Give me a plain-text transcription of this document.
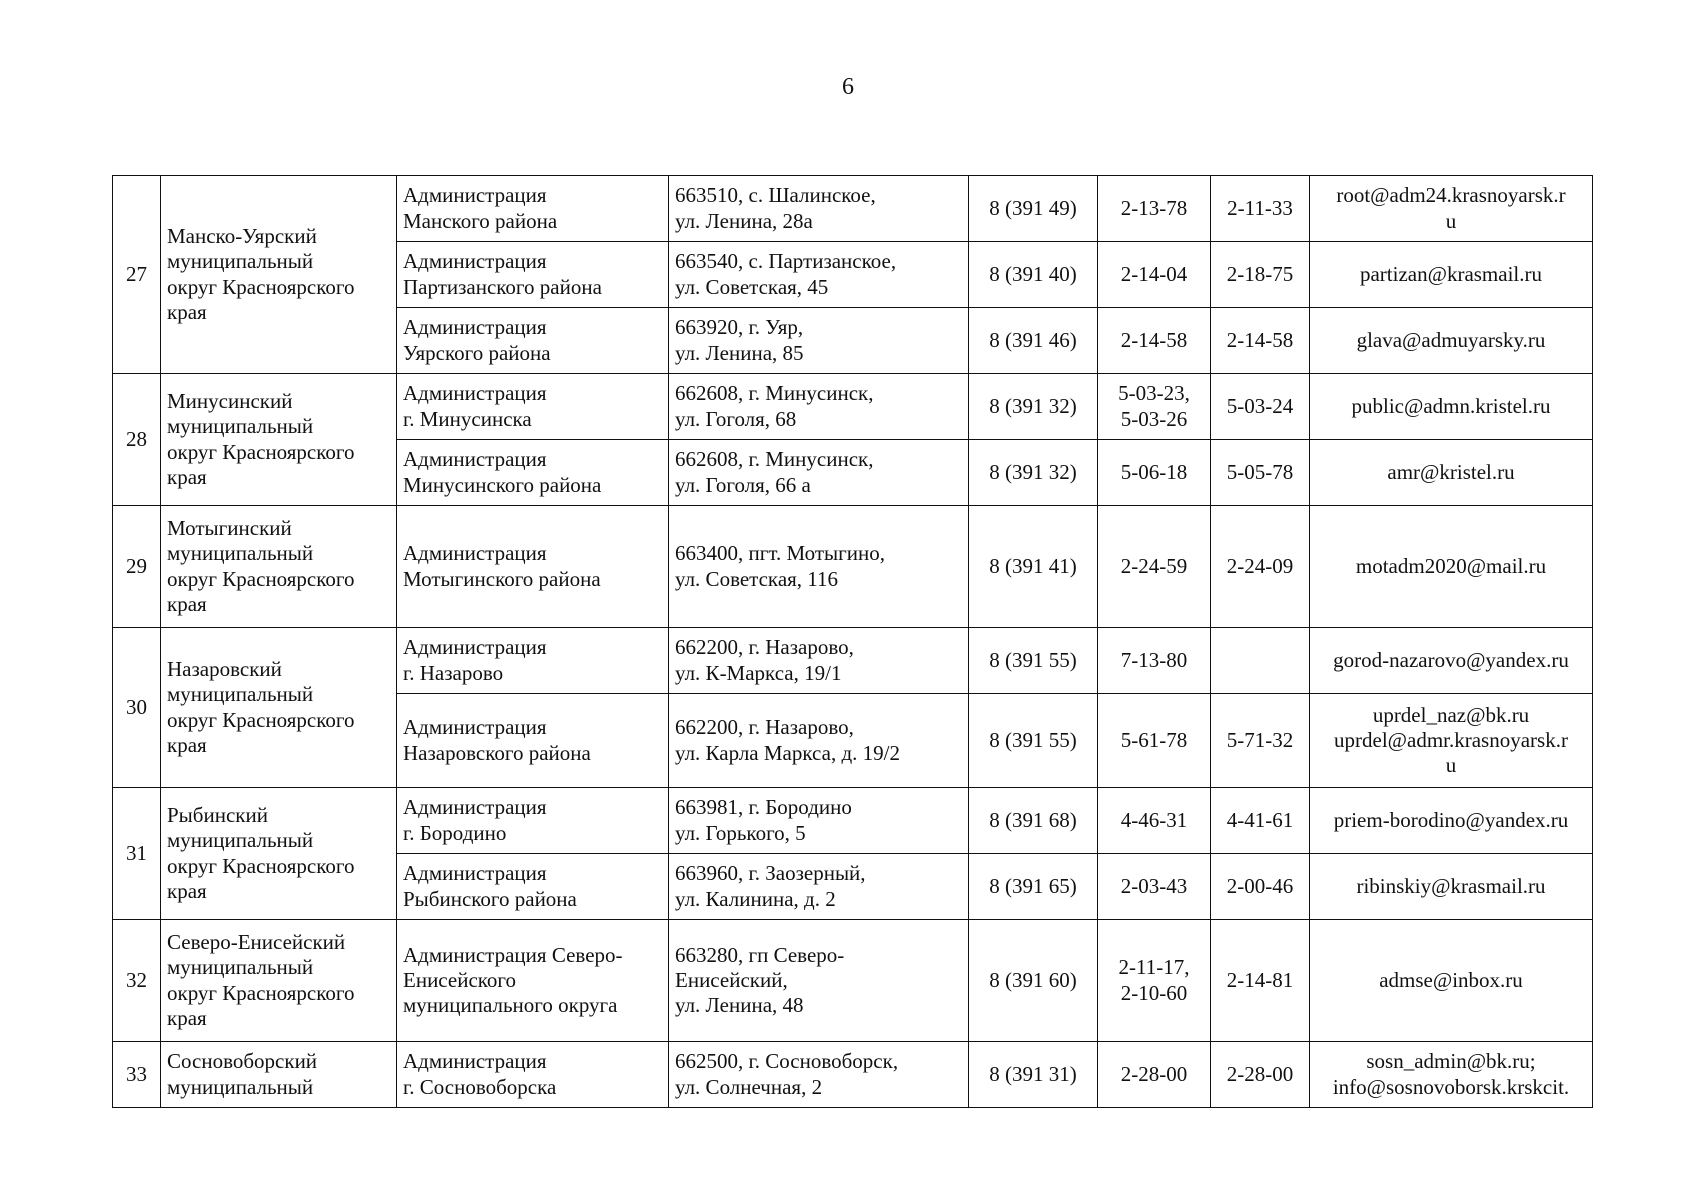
6
27	Манско-Уярский
муниципальный
округ Красноярского
края	Администрация
Манского района	663510, с. Шалинское,
ул. Ленина, 28а	8 (391 49)	2-13-78	2-11-33	root@adm24.krasnoyarsk.r
u

		Администрация
Партизанского района	663540, с. Партизанское,
ул. Советская, 45	8 (391 40)	2-14-04	2-18-75	partizan@krasmail.ru

		Администрация
Уярского района	663920, г. Уяр,
ул. Ленина, 85	8 (391 46)	2-14-58	2-14-58	glava@admuyarsky.ru

28	Минусинский
муниципальный
округ Красноярского
края	Администрация
г. Минусинска	662608, г. Минусинск,
ул. Гоголя, 68	8 (391 32)	5-03-23,
5-03-26	5-03-24	public@admn.kristel.ru

		Администрация
Минусинского района	662608, г. Минусинск,
ул. Гоголя, 66 а	8 (391 32)	5-06-18	5-05-78	amr@kristel.ru

29	Мотыгинский
муниципальный
округ Красноярского
края	Администрация
Мотыгинского района	663400, пгт. Мотыгино,
ул. Советская, 116	8 (391 41)	2-24-59	2-24-09	motadm2020@mail.ru

30	Назаровский
муниципальный
округ Красноярского
края	Администрация
г. Назарово	662200, г. Назарово,
ул. К-Маркса, 19/1	8 (391 55)	7-13-80		gorod-nazarovo@yandex.ru

		Администрация
Назаровского района	662200, г. Назарово,
ул. Карла Маркса, д. 19/2	8 (391 55)	5-61-78	5-71-32	uprdel_naz@bk.ru
uprdel@admr.krasnoyarsk.r
u

31	Рыбинский
муниципальный
округ Красноярского
края	Администрация
г. Бородино	663981, г. Бородино
ул. Горького, 5	8 (391 68)	4-46-31	4-41-61	priem-borodino@yandex.ru

		Администрация
Рыбинского района	663960, г. Заозерный,
ул. Калинина, д. 2	8 (391 65)	2-03-43	2-00-46	ribinskiy@krasmail.ru

32	Северо-Енисейский
муниципальный
округ Красноярского
края	Администрация Северо-
Енисейского
муниципального округа	663280, гп Северо-
Енисейский,
ул. Ленина, 48	8 (391 60)	2-11-17,
2-10-60	2-14-81	admse@inbox.ru

33	Сосновоборский
муниципальный	Администрация
г. Сосновоборска	662500, г. Сосновоборск,
ул. Солнечная, 2	8 (391 31)	2-28-00	2-28-00	sosn_admin@bk.ru;
info@sosnovoborsk.krskcit.
